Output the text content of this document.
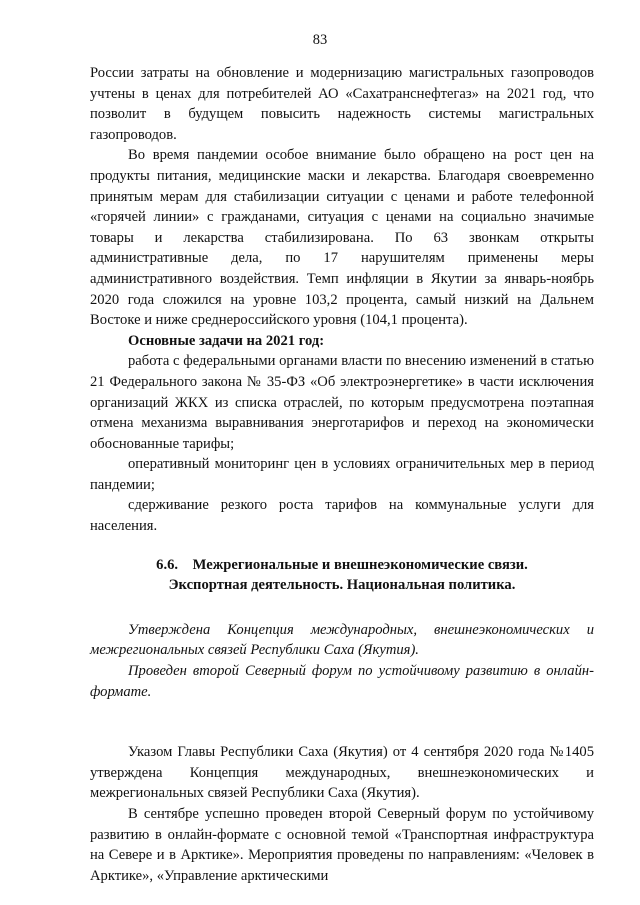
83

России затраты на обновление и модернизацию магистральных газопроводов учтены в ценах для потребителей АО «Сахатранснефтегаз» на 2021 год, что позволит в будущем повысить надежность системы магистральных газопроводов.

Во время пандемии особое внимание было обращено на рост цен на продукты питания, медицинские маски и лекарства. Благодаря своевременно принятым мерам для стабилизации ситуации с ценами и работе телефонной «горячей линии» с гражданами, ситуация с ценами на социально значимые товары и лекарства стабилизирована. По 63 звонкам открыты административные дела, по 17 нарушителям применены меры административного воздействия. Темп инфляции в Якутии за январь-ноябрь 2020 года сложился на уровне 103,2 процента, самый низкий на Дальнем Востоке и ниже среднероссийского уровня (104,1 процента).

Основные задачи на 2021 год:

работа с федеральными органами власти по внесению изменений в статью 21 Федерального закона № 35-ФЗ «Об электроэнергетике» в части исключения организаций ЖКХ из списка отраслей, по которым предусмотрена поэтапная отмена механизма выравнивания энерготарифов и переход на экономически обоснованные тарифы;

оперативный мониторинг цен в условиях ограничительных мер в период пандемии;

сдерживание резкого роста тарифов на коммунальные услуги для населения.

6.6.    Межрегиональные и внешнеэкономические связи.

Экспортная деятельность. Национальная политика.

Утверждена Концепция международных, внешнеэкономических и межрегиональных связей Республики Саха (Якутия).

Проведен второй Северный форум по устойчивому развитию в онлайн-формате.

Указом Главы Республики Саха (Якутия) от 4 сентября 2020 года №1405 утверждена Концепция международных, внешнеэкономических и межрегиональных связей Республики Саха (Якутия).

В сентябре успешно проведен второй Северный форум по устойчивому развитию в онлайн-формате с основной темой «Транспортная инфраструктура на Севере и в Арктике». Мероприятия проведены по направлениям: «Человек в Арктике», «Управление арктическими
